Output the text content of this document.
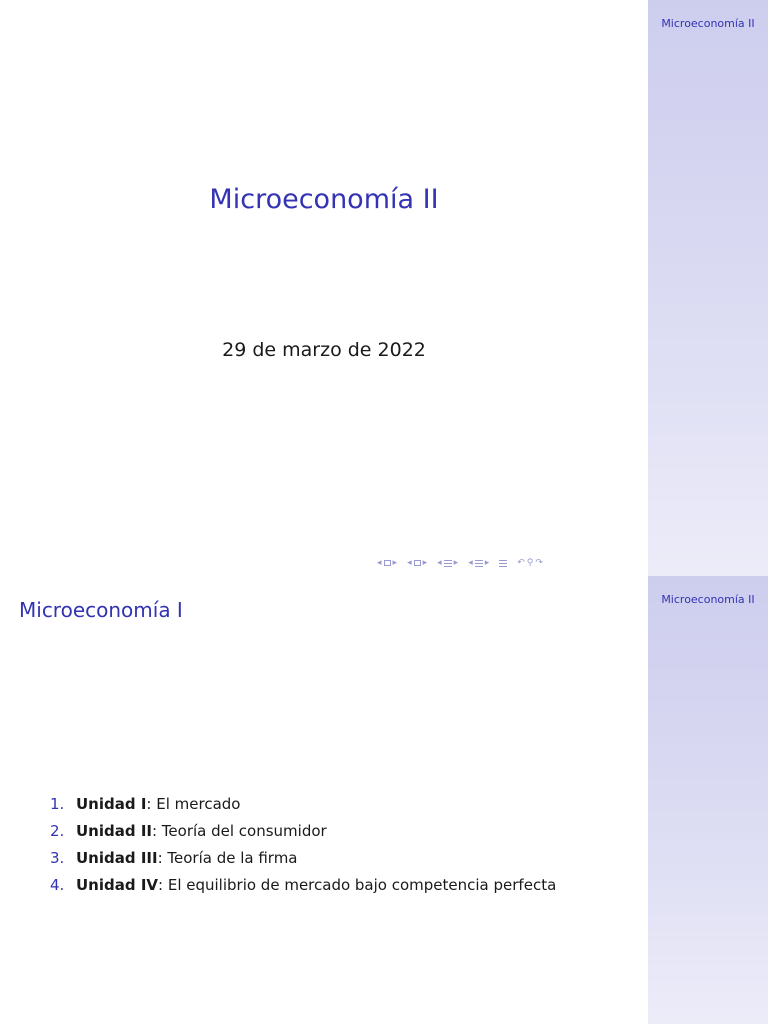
Microeconomía II
Microeconomía II
29 de marzo de 2022
◂ ▸ ◂ ▸ ◂ ▸ ◂ ▸	↶ ⚲ ↷
Microeconomía II
Microeconomía I
1. Unidad I: El mercado
2. Unidad II: Teoría del consumidor
3. Unidad III: Teoría de la firma
4. Unidad IV: El equilibrio de mercado bajo competencia perfecta
